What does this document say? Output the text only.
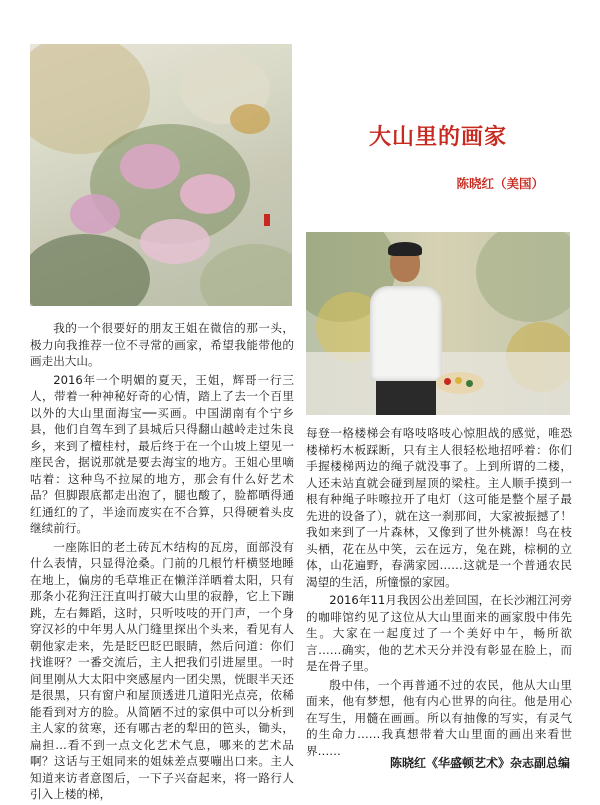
大山里的画家
陈晓红（美国）

我的一个很要好的朋友王姐在微信的那一头，极力向我推荐一位不寻常的画家，希望我能带他的画走出大山。

2016年一个明媚的夏天，王姐，辉哥一行三人，带着一种神秘好奇的心情，踏上了去一个百里以外的大山里面海宝──买画。中国湖南有个宁乡县，他们自驾车到了县城后只得翻山越岭走过朱良乡，来到了檀桂村，最后终于在一个山坡上望见一座民舍，据说那就是要去海宝的地方。王姐心里嘀咕着：这种鸟不拉屎的地方，那会有什么好艺术品？但脚跟底都走出泡了，腿也酸了，脸都晒得通红通红的了，半途而废实在不合算，只得硬着头皮继续前行。

一座陈旧的老土砖瓦木结构的瓦房，面部没有什么表情，只显得沧桑。门前的几根竹杆横竖地睡在地上，偏房的毛草堆正在懒洋洋晒着太阳，只有那条小花狗汪汪直叫打破大山里的寂静，它上下蹦跳，左右舞蹈，这时，只听吱吱的开门声，一个身穿汉衫的中年男人从门缝里探出个头来，看见有人朝他家走来，先是眨巴眨巴眼睛，然后问道：你们找谁呀？一番交流后，主人把我们引进屋里。一时间里刚从大太阳中突感屋内一团尖黑，恍眼半天还是很黑，只有窗户和屋顶透进几道阳光点亮，依稀能看到对方的脸。从简陋不过的家俱中可以分析到主人家的贫寒，还有哪古老的犁田的笆头，锄头，扁担…看不到一点文化艺术气息，哪来的艺术品啊？这话与王姐同来的姐妹差点要嘣出口来。主人知道来访者意图后，一下子兴奋起来，将一路行人引入上楼的梯，

每登一格楼梯会有咯吱咯吱心惊胆战的感觉，唯恐楼梯朽木板踩断，只有主人很轻松地招呼着：你们手握楼梯两边的绳子就没事了。上到所谓的二楼，人还未站直就会碰到屋顶的梁柱。主人顺手摸到一根有种绳子咔嚓拉开了电灯（这可能是整个屋子最先进的设备了），就在这一刹那间，大家被振撼了！我如来到了一片森林，又像到了世外桃源！鸟在枝头栖，花在丛中笑，云在远方，兔在跳，棕桐的立体，山花遍野，春满家园……这就是一个普通农民渴望的生活，所憧憬的家园。

2016年11月我因公出差回国，在长沙湘江河旁的咖啡馆约见了这位从大山里面来的画家殷中伟先生。大家在一起度过了一个美好中午，畅所欲言……确实，他的艺术天分并没有彰显在脸上，而是在骨子里。

殷中伟，一个再普通不过的农民，他从大山里面来，他有梦想，他有内心世界的向往。他是用心在写生，用髓在画画。所以有抽像的写实，有灵气的生命力……我真想带着大山里面的画出来看世界……

陈晓红《华盛顿艺术》杂志副总编
